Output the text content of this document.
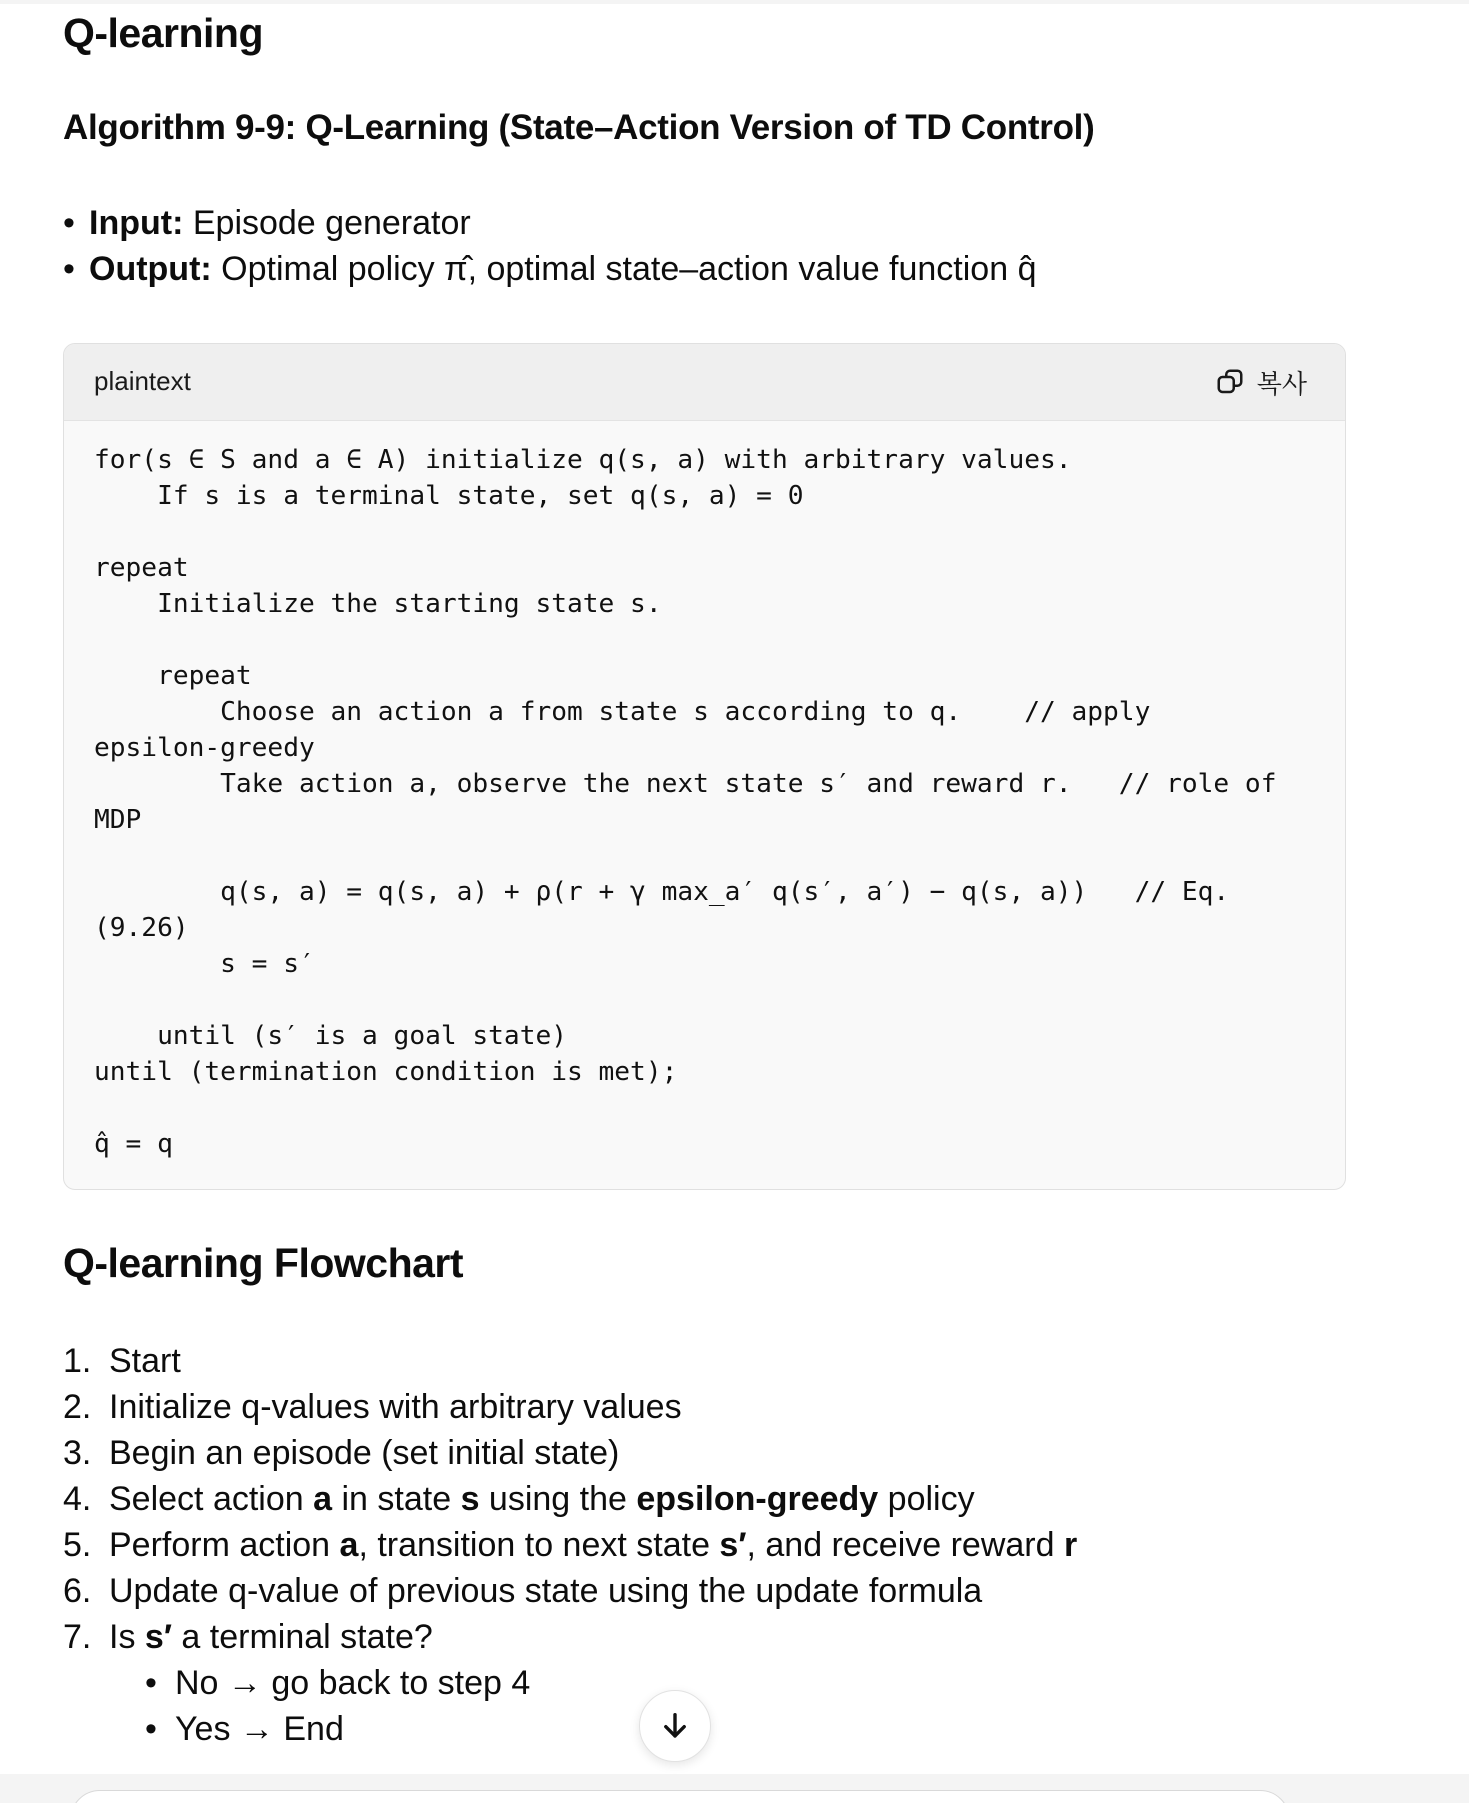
Q-learning
Algorithm 9-9: Q-Learning (State–Action Version of TD Control)
• Input: Episode generator
• Output: Optimal policy π̂, optimal state–action value function q̂
plaintext	복사
for(s ∈ S and a ∈ A) initialize q(s, a) with arbitrary values.
If s is a terminal state, set q(s, a) = 0

repeat
Initialize the starting state s.

repeat
Choose an action a from state s according to q.    // apply
epsilon-greedy
Take action a, observe the next state s′ and reward r.   // role of
MDP

q(s, a) = q(s, a) + ρ(r + γ max_a′ q(s′, a′) − q(s, a))   // Eq.
(9.26)
s = s′

until (s′ is a goal state)
until (termination condition is met);

q̂ = q
Q-learning Flowchart
1. Start
2. Initialize q-values with arbitrary values
3. Begin an episode (set initial state)
4. Select action a in state s using the epsilon-greedy policy
5. Perform action a, transition to next state s′, and receive reward r
6. Update q-value of previous state using the update formula
7. Is s′ a terminal state?
• No → go back to step 4
• Yes → End
